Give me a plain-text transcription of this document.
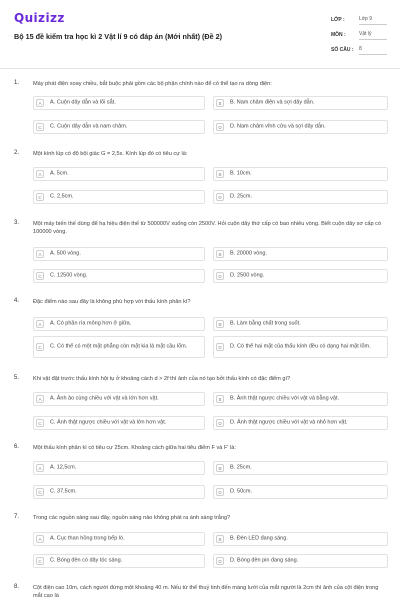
Quizizz
Bộ 15 đề kiểm tra học kì 2 Vật lí 9 có đáp án (Mới nhất) (Đề 2)
LỚP :	Lớp 9
MÔN :	Vật lý
SỐ CÂU : 8
1. Máy phát điện xoay chiều, bắt buộc phải gồm các bộ phận chính nào để có thể tạo ra dòng điện:
A	A. Cuộn dây dẫn và lõi sắt.	B	B. Nam châm điện và sợi dây dẫn.
C	C. Cuộn dây dẫn và nam châm.	D	D. Nam châm vĩnh cửu và sợi dây dẫn.
2. Một kính lúp có độ bội giác G = 2,5x. Kính lúp đó có tiêu cự là:
A	A. 5cm.	B	B. 10cm.
C	C. 2,5cm.	D	D. 25cm.
3. Một máy biến thế dùng để hạ hiệu điện thế từ 500000V xuống còn 2500V. Hỏi cuộn dây thứ cấp có bao nhiêu vòng. Biết cuộn dây sơ cấp có 100000 vòng.
A	A. 500 vòng.	B	B. 20000 vòng.
C	C. 12500 vòng.	D	D. 2500 vòng.
4. Đặc điểm nào sau đây là không phù hợp với thấu kính phân kì?
A	A. Có phần rìa mỏng hơn ở giữa.	B	B. Làm bằng chất trong suốt.
C	C. Có thể có một mặt phẳng còn mặt kia là mặt cầu lõm.	D	D. Có thể hai mặt của thấu kính đều có dạng hai mặt lõm.
5. Khi vật đặt trước thấu kính hội tụ ở khoảng cách d > 2f thì ảnh của nó tạo bởi thấu kính có đặc điểm gì?
A	A. Ảnh ảo cùng chiều với vật và lớn hơn vật.	B	B. Ảnh thật ngược chiều với vật và bằng vật.
C	C. Ảnh thật ngược chiều với vật và lớn hơn vật.	D	D. Ảnh thật ngược chiều với vật và nhỏ hơn vật.
6. Một thấu kính phân kì có tiêu cự 25cm. Khoảng cách giữa hai tiêu điểm F và F' là:
A	A. 12,5cm.	B	B. 25cm.
C	C. 37,5cm.	D	D. 50cm.
7. Trong các nguồn sáng sau đây, nguồn sáng nào không phát ra ánh sáng trắng?
A	A. Cục than hồng trong bếp lò.	B	B. Đèn LED đang sáng.
C	C. Bóng đèn có dây tóc sáng.	D	D. Bóng đèn pin đang sáng.
8. Cột điện cao 10m, cách người đứng một khoảng 40 m. Nếu từ thể thuỷ tinh đến màng lưới của mắt người là 2cm thì ảnh của cột điện trong mắt cao là
